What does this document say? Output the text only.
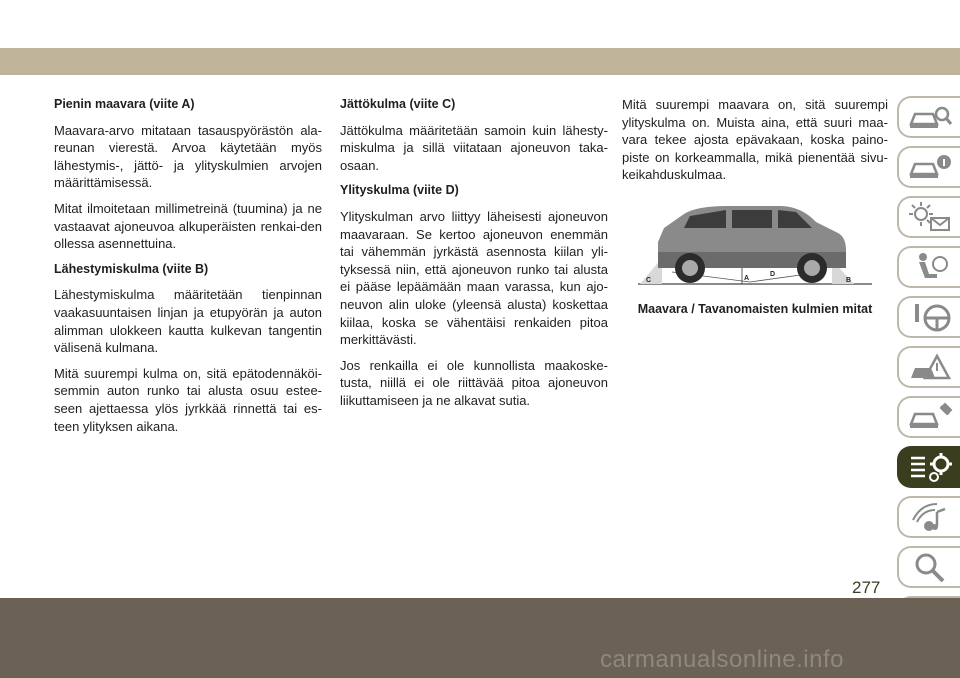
Pienin maavara (viite A)

Maavara-arvo mitataan tasauspyörästön ala-reunan vierestä. Arvoa käytetään myös lähestymis-, jättö- ja ylityskulmien arvojen määrittämisessä.

Mitat ilmoitetaan millimetreinä (tuumina) ja ne vastaavat ajoneuvoa alkuperäisten renkai-den ollessa asennettuina.

Lähestymiskulma (viite B)

Lähestymiskulma määritetään tienpinnan vaakasuuntaisen linjan ja etupyörän ja auton alimman ulokkeen kautta kulkevan tangentin välisenä kulmana.

Mitä suurempi kulma on, sitä epätodennäköi-semmin auton runko tai alusta osuu estee-seen ajettaessa ylös jyrkkää rinnettä tai es-teen ylityksen aikana.

Jättökulma (viite C)

Jättökulma määritetään samoin kuin lähesty-miskulma ja sillä viitataan ajoneuvon taka-osaan.

Ylityskulma (viite D)

Ylityskulman arvo liittyy läheisesti ajoneuvon maavaraan. Se kertoo ajoneuvon enemmän tai vähemmän jyrkästä asennosta kiilan yli-tyksessä niin, että ajoneuvon runko tai alusta ei pääse lepäämään maan varassa, kun ajo-neuvon alin uloke (yleensä alusta) koskettaa kiilaa, koska se vähentäisi renkaiden pitoa merkittävästi.

Jos renkailla ei ole kunnollista maakoske-tusta, niillä ei ole riittävää pitoa ajoneuvon liikuttamiseen ja ne alkavat sutia.

Mitä suurempi maavara on, sitä suurempi ylityskulma on. Muista aina, että suuri maa-vara tekee ajosta epävakaan, koska paino-piste on korkeammalla, mikä pienentää sivu-keikahduskulmaa.

C	A
D
B
Maavara / Tavanomaisten kulmien mitat
277
carmanualsonline.info
